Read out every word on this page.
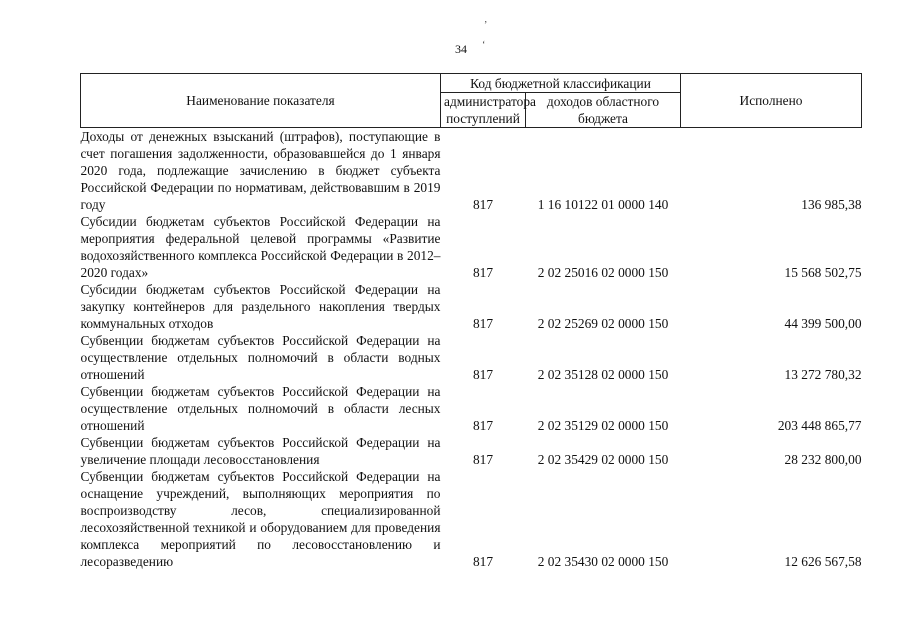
ʼ
ʻ
34
Наименование показателя	Код бюджетной классификации		Исполнено
	администратора поступлений	доходов областного бюджета	
Доходы от денежных взысканий (штрафов), поступающие в счет погашения задолженности, образовавшейся до 1 января 2020 года, подлежащие зачислению в бюджет субъекта Российской Федерации по нормативам, действовавшим в 2019 году	817	1 16 10122 01 0000 140	136 985,38
Субсидии бюджетам субъектов Российской Федерации на мероприятия федеральной целевой программы «Развитие водохозяйственного комплекса Российской Федерации в 2012–2020 годах»	817	2 02 25016 02 0000 150	15 568 502,75
Субсидии бюджетам субъектов Российской Федерации на закупку контейнеров для раздельного накопления твердых коммунальных отходов	817	2 02 25269 02 0000 150	44 399 500,00
Субвенции бюджетам субъектов Российской Федерации на осуществление отдельных полномочий в области водных отношений	817	2 02 35128 02 0000 150	13 272 780,32
Субвенции бюджетам субъектов Российской Федерации на осуществление отдельных полномочий в области лесных отношений	817	2 02 35129 02 0000 150	203 448 865,77
Субвенции бюджетам субъектов Российской Федерации на увеличение площади лесовосстановления	817	2 02 35429 02 0000 150	28 232 800,00
Субвенции бюджетам субъектов Российской Федерации на оснащение учреждений, выполняющих мероприятия по воспроизводству лесов, специализированной лесохозяйственной техникой и оборудованием для проведения комплекса мероприятий по лесовосстановлению и лесоразведению	817	2 02 35430 02 0000 150	12 626 567,58
